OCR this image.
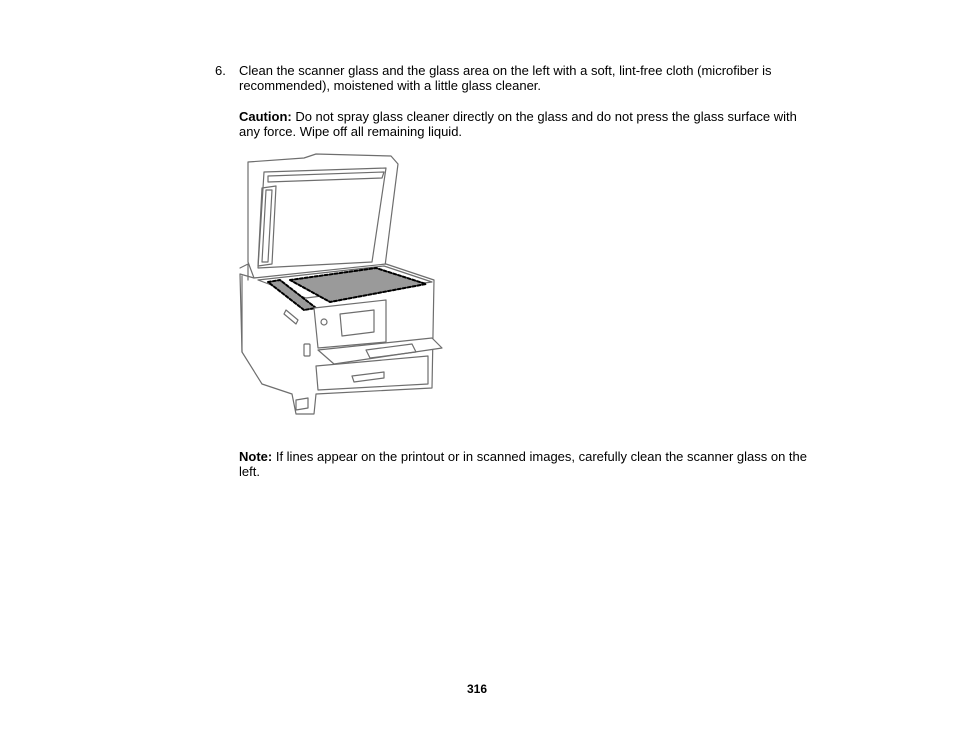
6. Clean the scanner glass and the glass area on the left with a soft, lint-free cloth (microfiber is recommended), moistened with a little glass cleaner.
Caution: Do not spray glass cleaner directly on the glass and do not press the glass surface with any force. Wipe off all remaining liquid.
Note: If lines appear on the printout or in scanned images, carefully clean the scanner glass on the left.
316
